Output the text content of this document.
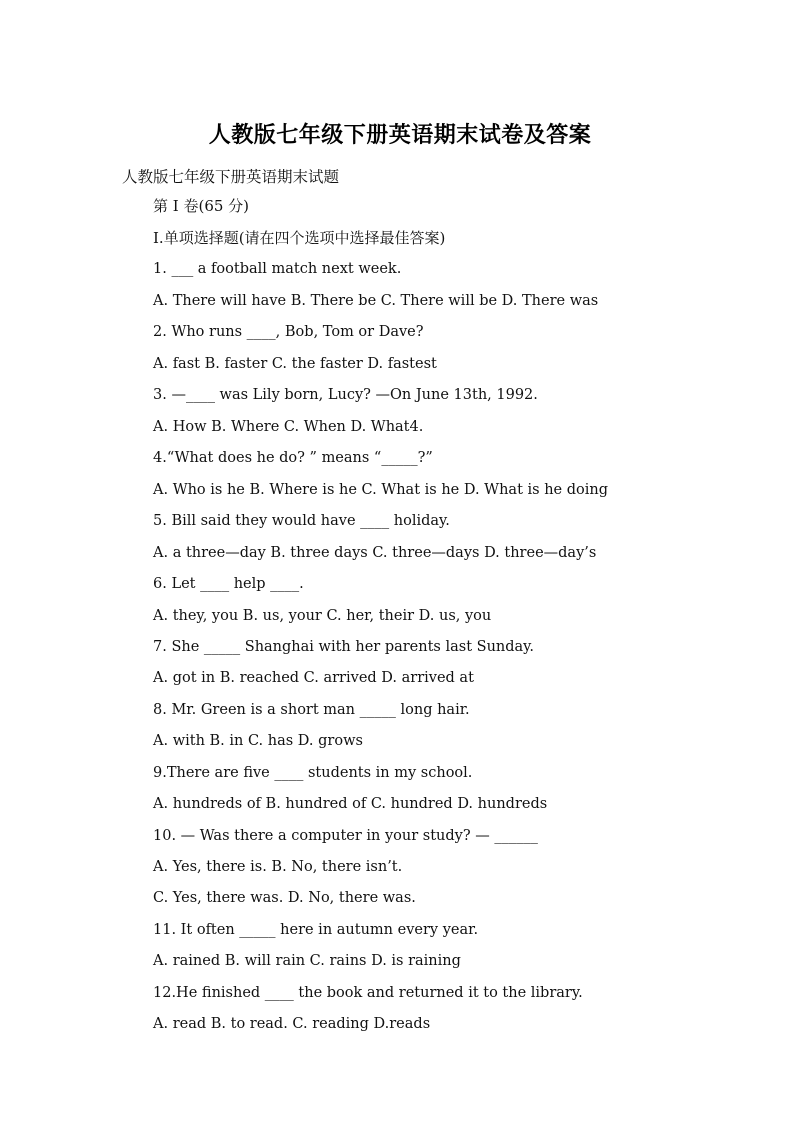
人教版七年级下册英语期末试卷及答案
人教版七年级下册英语期末试题
第 I 卷(65 分)
Ⅰ.单项选择题(请在四个选项中选择最佳答案)
1. ___ a football match next week.
A. There will have B. There be C. There will be D. There was
2. Who runs ____, Bob, Tom or Dave?
A. fast B. faster C. the faster D. fastest
3. —____ was Lily born, Lucy? —On June 13th, 1992.
A. How B. Where C. When D. What4.
4.“What does he do? ” means “_____?”
A. Who is he B. Where is he C. What is he D. What is he doing
5. Bill said they would have ____ holiday.
A. a three—day B. three days C. three—days D. three—day’s
6. Let ____ help ____.
A. they, you B. us, your C. her, their D. us, you
7. She _____ Shanghai with her parents last Sunday.
A. got in B. reached C. arrived D. arrived at
8. Mr. Green is a short man _____ long hair.
A. with B. in C. has D. grows
9.There are five ____ students in my school.
A. hundreds of B. hundred of C. hundred D. hundreds
10. — Was there a computer in your study? — ______
A. Yes, there is. B. No, there isn’t.
C. Yes, there was. D. No, there was.
11. It often _____ here in autumn every year.
A. rained B. will rain C. rains D. is raining
12.He finished ____ the book and returned it to the library.
A. read B. to read. C. reading D.reads
